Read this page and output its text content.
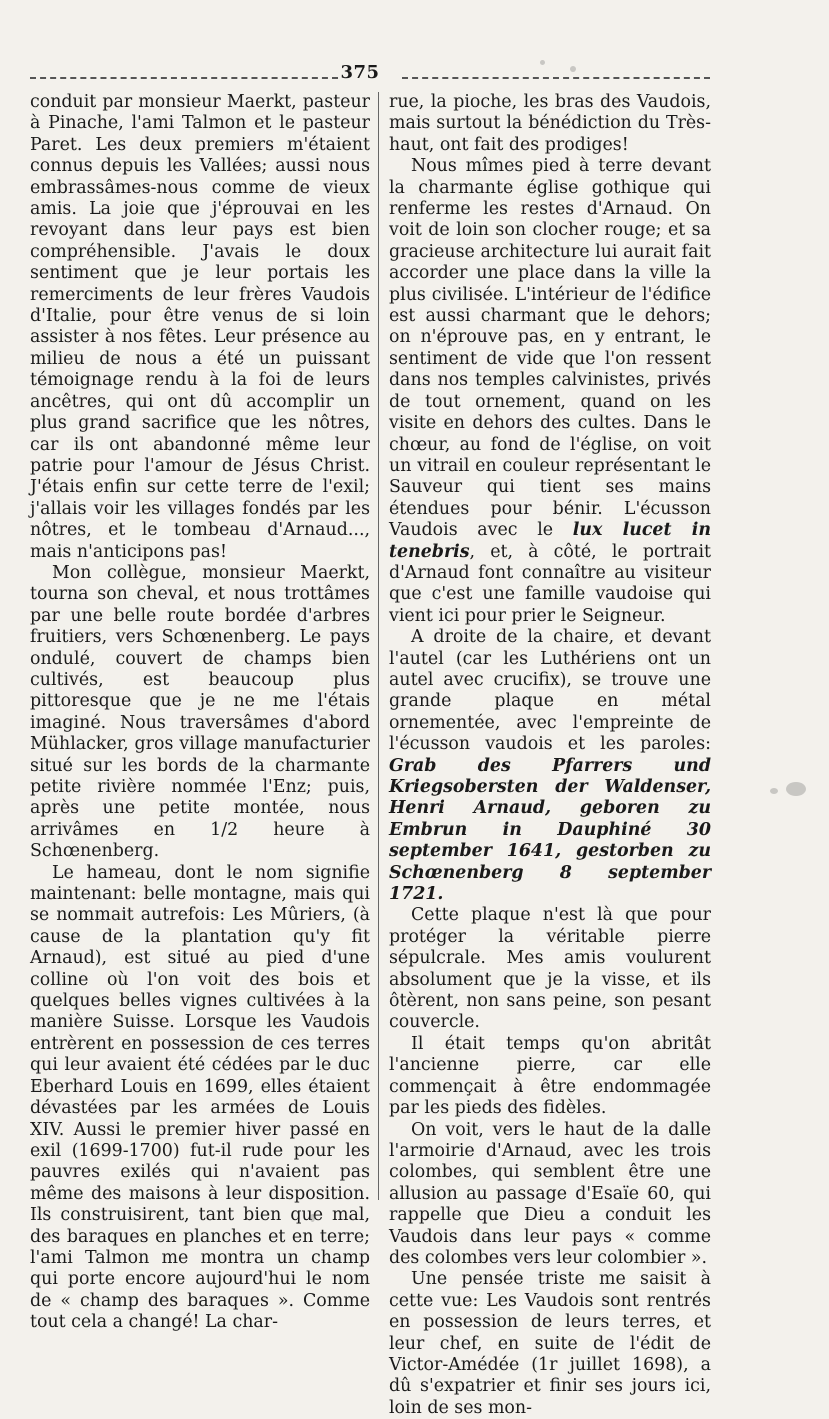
375

conduit par monsieur Maerkt, pasteur à Pinache, l'ami Talmon et le pasteur Paret. Les deux premiers m'étaient connus depuis les Vallées; aussi nous embrassâmes-nous comme de vieux amis. La joie que j'éprouvai en les revoyant dans leur pays est bien compréhensible. J'avais le doux sentiment que je leur portais les remerciments de leur frères Vaudois d'Italie, pour être venus de si loin assister à nos fêtes. Leur présence au milieu de nous a été un puissant témoignage rendu à la foi de leurs ancêtres, qui ont dû accomplir un plus grand sacrifice que les nôtres, car ils ont abandonné même leur patrie pour l'amour de Jésus Christ. J'étais enfin sur cette terre de l'exil; j'allais voir les villages fondés par les nôtres, et le tombeau d'Arnaud..., mais n'anticipons pas!

Mon collègue, monsieur Maerkt, tourna son cheval, et nous trottâmes par une belle route bordée d'arbres fruitiers, vers Schœnenberg. Le pays ondulé, couvert de champs bien cultivés, est beaucoup plus pittoresque que je ne me l'étais imaginé. Nous traversâmes d'abord Mühlacker, gros village manufacturier situé sur les bords de la charmante petite rivière nommée l'Enz; puis, après une petite montée, nous arrivâmes en 1/2 heure à Schœnenberg.

Le hameau, dont le nom signifie maintenant: belle montagne, mais qui se nommait autrefois: Les Mûriers, (à cause de la plantation qu'y fit Arnaud), est situé au pied d'une colline où l'on voit des bois et quelques belles vignes cultivées à la manière Suisse. Lorsque les Vaudois entrèrent en possession de ces terres qui leur avaient été cédées par le duc Eberhard Louis en 1699, elles étaient dévastées par les armées de Louis XIV. Aussi le premier hiver passé en exil (1699-1700) fut-il rude pour les pauvres exilés qui n'avaient pas même des maisons à leur disposition. Ils construisirent, tant bien que mal, des baraques en planches et en terre; l'ami Talmon me montra un champ qui porte encore aujourd'hui le nom de « champ des baraques ». Comme tout cela a changé! La char-

rue, la pioche, les bras des Vaudois, mais surtout la bénédiction du Très-haut, ont fait des prodiges!

Nous mîmes pied à terre devant la charmante église gothique qui renferme les restes d'Arnaud. On voit de loin son clocher rouge; et sa gracieuse architecture lui aurait fait accorder une place dans la ville la plus civilisée. L'intérieur de l'édifice est aussi charmant que le dehors; on n'éprouve pas, en y entrant, le sentiment de vide que l'on ressent dans nos temples calvinistes, privés de tout ornement, quand on les visite en dehors des cultes. Dans le chœur, au fond de l'église, on voit un vitrail en couleur représentant le Sauveur qui tient ses mains étendues pour bénir. L'écusson Vaudois avec le lux lucet in tenebris, et, à côté, le portrait d'Arnaud font connaître au visiteur que c'est une famille vaudoise qui vient ici pour prier le Seigneur.

A droite de la chaire, et devant l'autel (car les Luthériens ont un autel avec crucifix), se trouve une grande plaque en métal ornementée, avec l'empreinte de l'écusson vaudois et les paroles: Grab des Pfarrers und Kriegsobersten der Waldenser, Henri Arnaud, geboren zu Embrun in Dauphiné 30 september 1641, gestorben zu Schœnenberg 8 september 1721.

Cette plaque n'est là que pour protéger la véritable pierre sépulcrale. Mes amis voulurent absolument que je la visse, et ils ôtèrent, non sans peine, son pesant couvercle.

Il était temps qu'on abritât l'ancienne pierre, car elle commençait à être endommagée par les pieds des fidèles.

On voit, vers le haut de la dalle l'armoirie d'Arnaud, avec les trois colombes, qui semblent être une allusion au passage d'Esaïe 60, qui rappelle que Dieu a conduit les Vaudois dans leur pays « comme des colombes vers leur colombier ».

Une pensée triste me saisit à cette vue: Les Vaudois sont rentrés en possession de leurs terres, et leur chef, en suite de l'édit de Victor-Amédée (1r juillet 1698), a dû s'expatrier et finir ses jours ici, loin de ses mon-
